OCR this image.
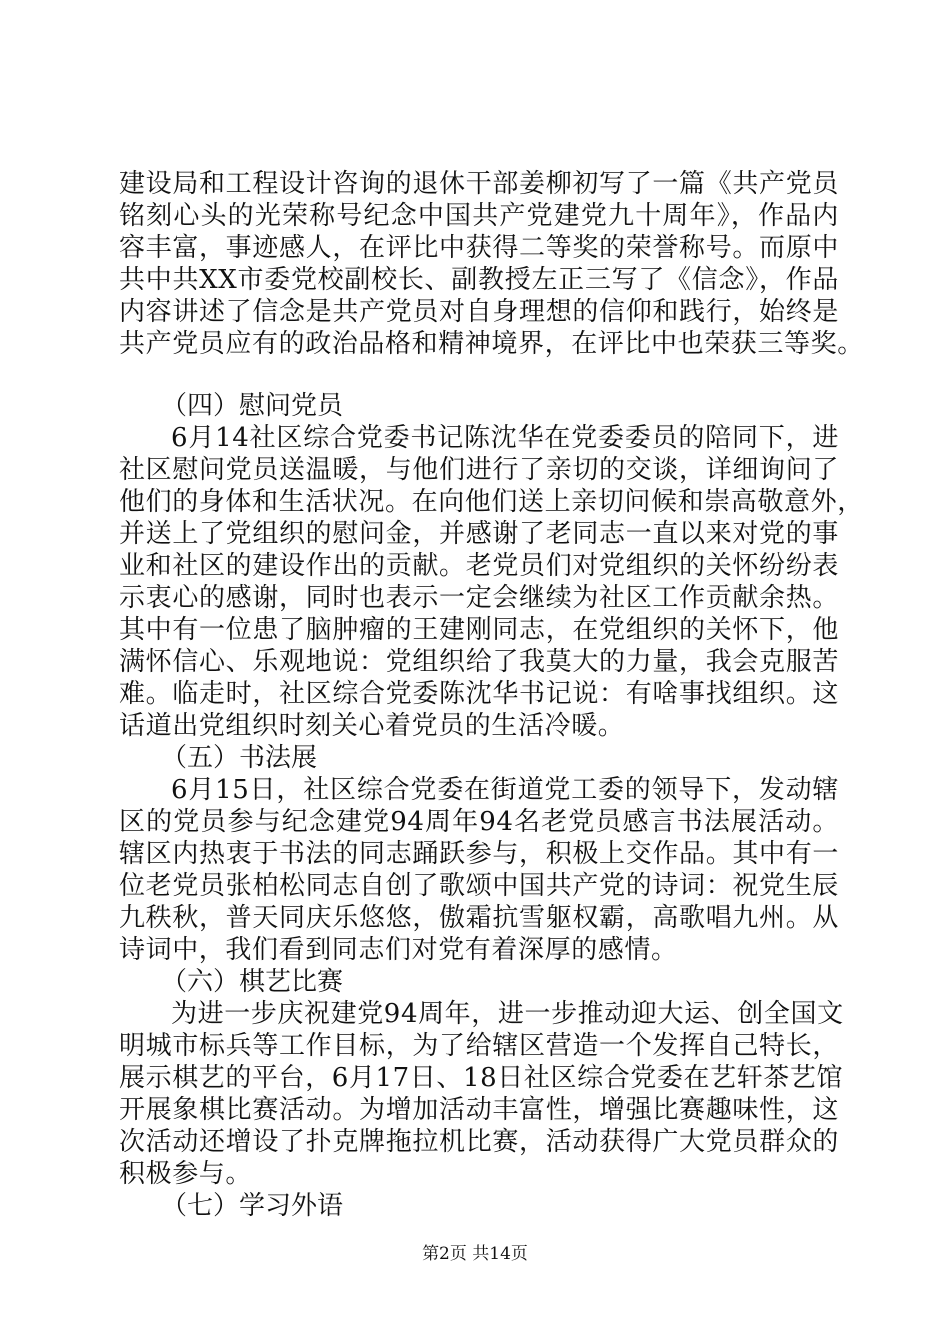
建设局和工程设计咨询的退休干部姜柳初写了一篇《共产党员
铭刻心头的光荣称号纪念中国共产党建党九十周年》，作品内
容丰富，事迹感人，在评比中获得二等奖的荣誉称号。而原中
共中共XX市委党校副校长、副教授左正三写了《信念》，作品
内容讲述了信念是共产党员对自身理想的信仰和践行，始终是
共产党员应有的政治品格和精神境界，在评比中也荣获三等奖。
（四）慰问党员
6月14社区综合党委书记陈沈华在党委委员的陪同下，进
社区慰问党员送温暖，与他们进行了亲切的交谈，详细询问了
他们的身体和生活状况。在向他们送上亲切问候和崇高敬意外，
并送上了党组织的慰问金，并感谢了老同志一直以来对党的事
业和社区的建设作出的贡献。老党员们对党组织的关怀纷纷表
示衷心的感谢，同时也表示一定会继续为社区工作贡献余热。
其中有一位患了脑肿瘤的王建刚同志，在党组织的关怀下，他
满怀信心、乐观地说：党组织给了我莫大的力量，我会克服苦
难。临走时，社区综合党委陈沈华书记说：有啥事找组织。这
话道出党组织时刻关心着党员的生活冷暖。
（五）书法展
6月15日，社区综合党委在街道党工委的领导下，发动辖
区的党员参与纪念建党94周年94名老党员感言书法展活动。
辖区内热衷于书法的同志踊跃参与，积极上交作品。其中有一
位老党员张柏松同志自创了歌颂中国共产党的诗词：祝党生辰
九秩秋，普天同庆乐悠悠，傲霜抗雪躯权霸，高歌唱九州。从
诗词中，我们看到同志们对党有着深厚的感情。
（六）棋艺比赛
为进一步庆祝建党94周年，进一步推动迎大运、创全国文
明城市标兵等工作目标，为了给辖区营造一个发挥自己特长，
展示棋艺的平台，6月17日、18日社区综合党委在艺轩茶艺馆
开展象棋比赛活动。为增加活动丰富性，增强比赛趣味性，这
次活动还增设了扑克牌拖拉机比赛，活动获得广大党员群众的
积极参与。
（七）学习外语
第2页 共14页
